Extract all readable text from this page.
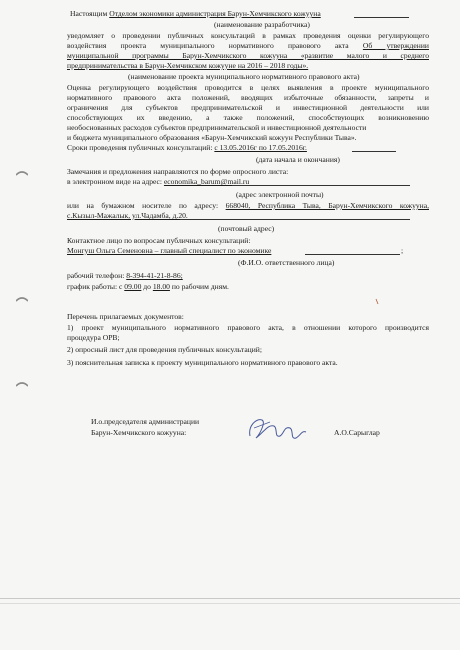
Настоящим Отделом экономики администрация Барун-Хемчикского кожууна
(наименование разработчика)
уведомляет о проведении публичных консультаций в рамках проведения оценки регулирующего
воздействия проекта муниципального нормативного правового акта Об утверждении
муниципальной программы Барун-Хемчикского кожууна «развитие малого и среднего
предпринимательства в Барун-Хемчикском кожууне на 2016 – 2018 годы».
(наименование проекта муниципального нормативного правового акта)
Оценка регулирующего воздействия проводится в целях выявления в проекте муниципального
нормативного правового акта положений, вводящих избыточные обязанности, запреты и
ограничения для субъектов предпринимательской и инвестиционной деятельности или
способствующих их введению, а также положений, способствующих возникновению
необоснованных расходов субъектов предпринимательской и инвестиционной деятельности
и бюджета муниципального образования «Барун-Хемчикский кожуун Республики Тыва».
Сроки проведения публичных консультаций: с 13.05.2016г по 17.05.2016г.
(дата начала и окончания)
Замечания и предложения направляются по форме опросного листа:
в электронном виде на адрес: economika_barum@mail.ru
(адрес электронной почты)
или на бумажном носителе по адресу: 668040, Республика Тыва, Барун-Хемчикского кожууна,
с.Кызыл-Мажалык, ул.Чадамба, д.20.
(почтовый адрес)
Контактное лицо по вопросам публичных консультаций:
Монгуш Ольга Семеновна – главный специалист по экономике	;
(Ф.И.О. ответственного лица)
рабочий телефон: 8-394-41-21-8-86;
график работы: с 09.00 до 18.00 по рабочим дням.
Перечень прилагаемых документов:
1) проект муниципального нормативного правового акта, в отношении которого производится
процедура ОРВ;
2) опросный лист для проведения публичных консультаций;
3) пояснительная записка к проекту муниципального нормативного правового акта.
И.о.председателя администрации
Барун-Хемчикского кожууна:	А.О.Сарыглар
